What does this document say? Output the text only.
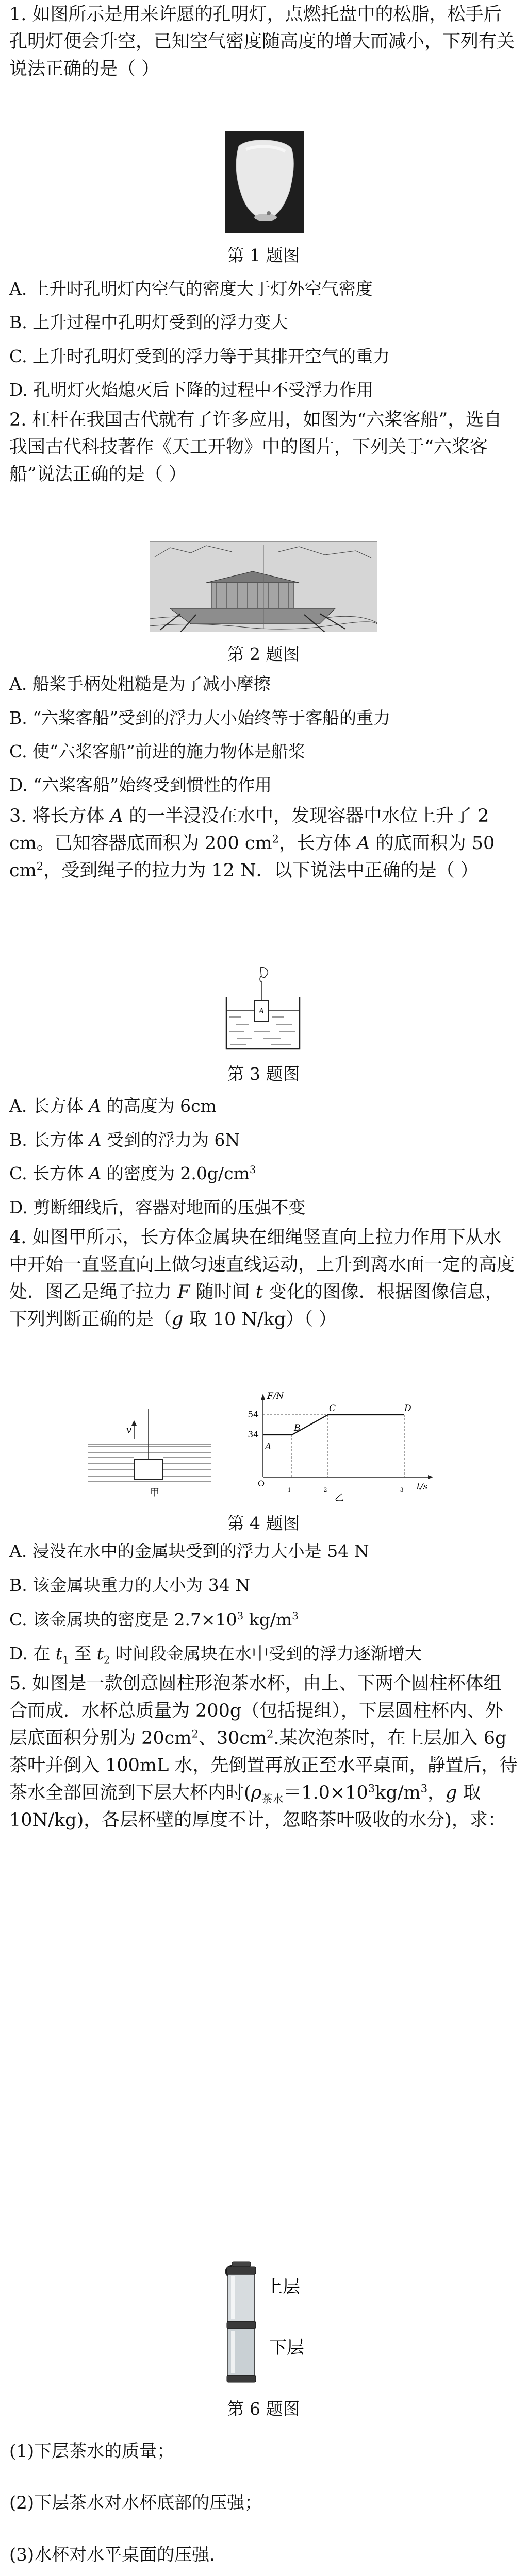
1. 如图所示是用来许愿的孔明灯，点燃托盘中的松脂，松手后孔明灯便会升空，已知空气密度随高度的增大而减小，下列有关说法正确的是（ ）

第 1 题图

A. 上升时孔明灯内空气的密度大于灯外空气密度

B. 上升过程中孔明灯受到的浮力变大

C. 上升时孔明灯受到的浮力等于其排开空气的重力

D. 孔明灯火焰熄灭后下降的过程中不受浮力作用

2. 杠杆在我国古代就有了许多应用，如图为“六桨客船”，选自我国古代科技著作《天工开物》中的图片，下列关于“六桨客船”说法正确的是（ ）

第 2 题图

A. 船桨手柄处粗糙是为了减小摩擦

B. “六桨客船”受到的浮力大小始终等于客船的重力

C. 使“六桨客船”前进的施力物体是船桨

D. “六桨客船”始终受到惯性的作用

3. 将长方体 A 的一半浸没在水中，发现容器中水位上升了 2 cm。已知容器底面积为 200 $cm^2$，长方体 A 的底面积为 50 $cm^2$，受到绳子的拉力为 12 N．以下说法中正确的是（ ）

A

第 3 题图

A. 长方体 A 的高度为 6cm

B. 长方体 A 受到的浮力为 6N

C. 长方体 A 的密度为 $2.0g/cm^3$

D. 剪断细线后，容器对地面的压强不变

4. 如图甲所示，长方体金属块在细绳竖直向上拉力作用下从水中开始一直竖直向上做匀速直线运动，上升到离水面一定的高度处．图乙是绳子拉力 F 随时间 t 变化的图像．根据图像信息，下列判断正确的是（g 取 10 N/kg）（ ）

v
甲
F/N
t/s
O
54
34
A
B
C	D
$_1$	$_2$	$_3$
乙

第 4 题图

A. 浸没在水中的金属块受到的浮力大小是 54 N

B. 该金属块重力的大小为 34 N

C. 该金属块的密度是 $2.7\times 10^3$ $kg/m^3$

D. 在 $t_1$ 至 $t_2$ 时间段金属块在水中受到的浮力逐渐增大

5. 如图是一款创意圆柱形泡茶水杯，由上、下两个圆柱杯体组合而成．水杯总质量为 200g（包括提组），下层圆柱杯内、外层底面积分别为 $20cm^2$、$30cm^2$.某次泡茶时，在上层加入 6g 茶叶并倒入 100mL 水，先倒置再放正至水平桌面，静置后，待茶水全部回流到下层大杯内时($\rho_{茶水}=1.0\times 10^3kg/m^3$，g 取 10N/kg)，各层杯壁的厚度不计，忽略茶叶吸收的水分)，求：

上层
下层

第 6 题图

(1)下层茶水的质量；

(2)下层茶水对水杯底部的压强；

(3)水杯对水平桌面的压强．
